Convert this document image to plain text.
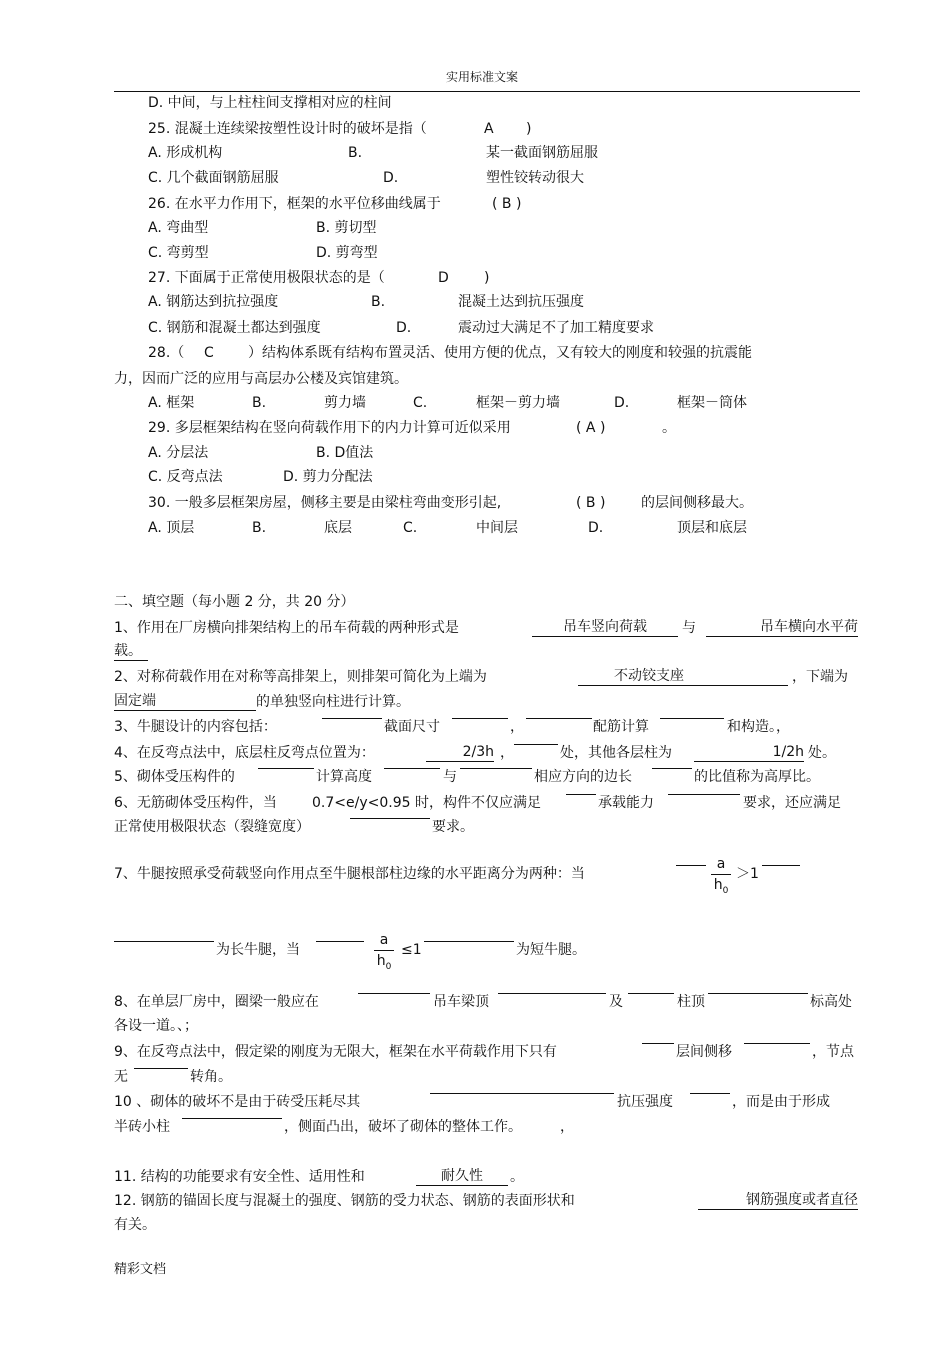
实用标准文案
D. 中间，与上柱柱间支撑相对应的柱间
25. 混凝土连续梁按塑性设计时的破坏是指（	A )
A. 形成机构	B.	某一截面钢筋屈服
C. 几个截面钢筋屈服	D.	塑性铰转动很大
26. 在水平力作用下，框架的水平位移曲线属于	( B )
A. 弯曲型	B. 剪切型
C. 弯剪型	D. 剪弯型
27. 下面属于正常使用极限状态的是（	D	)
A. 钢筋达到抗拉强度	B.	混凝土达到抗压强度
C. 钢筋和混凝土都达到强度	D.	震动过大满足不了加工精度要求
28.（ C ）结构体系既有结构布置灵活、使用方便的优点，又有较大的刚度和较强的抗震能
力，因而广泛的应用与高层办公楼及宾馆建筑。
A. 框架	B.	剪力墙	C.	框架－剪力墙	D.	框架－筒体
29. 多层框架结构在竖向荷载作用下的内力计算可近似采用	( A )	。
A. 分层法	B. D值法
C. 反弯点法	D. 剪力分配法
30. 一般多层框架房屋，侧移主要是由梁柱弯曲变形引起,	( B )	的层间侧移最大。
A. 顶层	B.	底层	C.	中间层	D.	顶层和底层
二、填空题（每小题 2 分，共 20 分）
1、作用在厂房横向排架结构上的吊车荷载的两种形式是	吊车竖向荷载	与	吊车横向水平荷
载。
2、对称荷载作用在对称等高排架上，则排架可简化为上端为	不动铰支座	，下端为
固定端	的单独竖向柱进行计算。
3、牛腿设计的内容包括：	截面尺寸	，	配筋计算	和构造。，
4、在反弯点法中，底层柱反弯点位置为：	2/3h ，	处，其他各层柱为	1/2h 处。
5、砌体受压构件的	计算高度	与	相应方向的边长	的比值称为高厚比。
6、无筋砌体受压构件，当	0.7<e/y<0.95 时，构件不仅应满足	承载能力	要求，还应满足
正常使用极限状态（裂缝宽度）	要求。
7、牛腿按照承受荷载竖向作用点至牛腿根部柱边缘的水平距离分为两种：当
a
$h_0$
＞1
为长牛腿，当
a
$h_0$
≤1	为短牛腿。
8、在单层厂房中，圈梁一般应在	吊车梁顶	及	柱顶	标高处
各设一道。、；
9、在反弯点法中，假定梁的刚度为无限大，框架在水平荷载作用下只有	层间侧移	，节点
无	转角。
10 、砌体的破坏不是由于砖受压耗尽其	抗压强度	，而是由于形成
半砖小柱	，侧面凸出，破坏了砌体的整体工作。	，
11. 结构的功能要求有安全性、适用性和	耐久性	。
12. 钢筋的锚固长度与混凝土的强度、钢筋的受力状态、钢筋的表面形状和	钢筋强度或者直径
有关。
精彩文档
